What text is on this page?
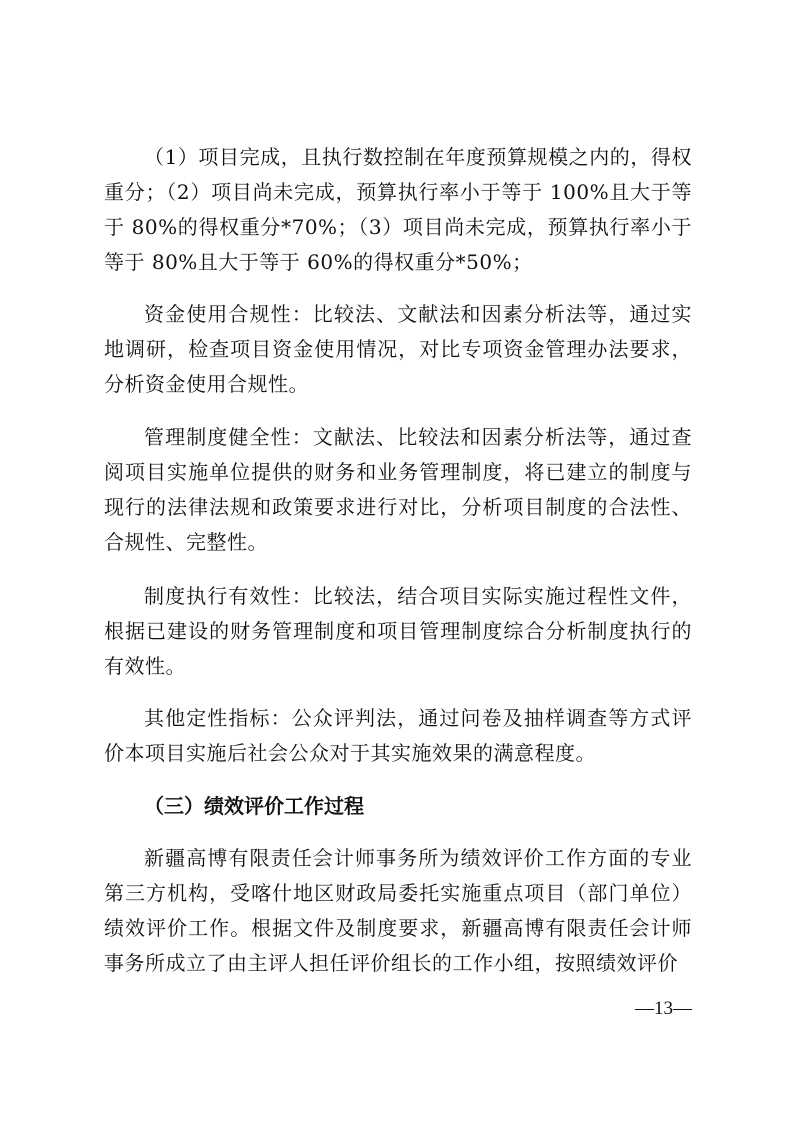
（1）项目完成，且执行数控制在年度预算规模之内的，得权重分；（2）项目尚未完成，预算执行率小于等于 100%且大于等于 80%的得权重分*70%；（3）项目尚未完成，预算执行率小于等于 80%且大于等于 60%的得权重分*50%；

资金使用合规性：比较法、文献法和因素分析法等，通过实地调研，检查项目资金使用情况，对比专项资金管理办法要求，分析资金使用合规性。

管理制度健全性：文献法、比较法和因素分析法等，通过查阅项目实施单位提供的财务和业务管理制度，将已建立的制度与现行的法律法规和政策要求进行对比，分析项目制度的合法性、合规性、完整性。

制度执行有效性：比较法，结合项目实际实施过程性文件，根据已建设的财务管理制度和项目管理制度综合分析制度执行的有效性。

其他定性指标：公众评判法，通过问卷及抽样调查等方式评价本项目实施后社会公众对于其实施效果的满意程度。

（三）绩效评价工作过程

新疆高博有限责任会计师事务所为绩效评价工作方面的专业第三方机构，受喀什地区财政局委托实施重点项目（部门单位）绩效评价工作。根据文件及制度要求，新疆高博有限责任会计师事务所成立了由主评人担任评价组长的工作小组，按照绩效评价

—13—
